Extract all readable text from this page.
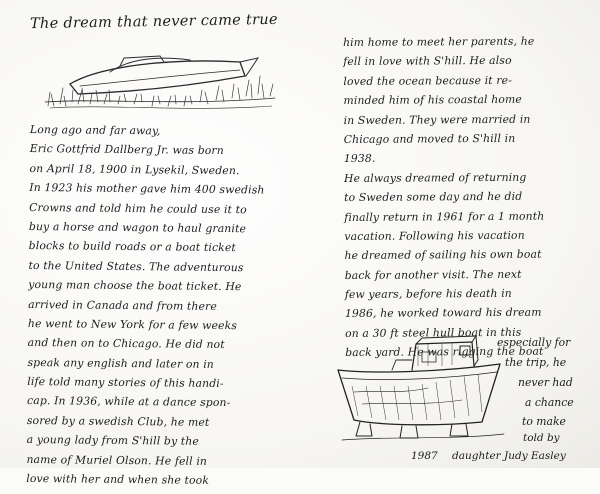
The dream that never came true
Long ago and far away,
Eric Gottfrid Dallberg Jr. was born
on April 18, 1900 in Lysekil, Sweden.
In 1923 his mother gave him 400 swedish
Crowns and told him he could use it to
buy a horse and wagon to haul granite
blocks to build roads or a boat ticket
to the United States. The adventurous
young man choose the boat ticket. He
arrived in Canada and from there
he went to New York for a few weeks
and then on to Chicago. He did not
speak any english and later on in
life told many stories of this handi-
cap. In 1936, while at a dance spon-
sored by a swedish Club, he met
a young lady from S'hill by the
name of Muriel Olson. He fell in
love with her and when she took
him home to meet her parents, he
fell in love with S'hill. He also
loved the ocean because it re-
minded him of his coastal home
in Sweden. They were married in
Chicago and moved to S'hill in
1938.
He always dreamed of returning
to Sweden some day and he did
finally return in 1961 for a 1 month
vacation. Following his vacation
he dreamed of sailing his own boat
back for another visit. The next
few years, before his death in
1986, he worked toward his dream
on a 30 ft steel hull boat in this
back yard. He was rigging the boat
especially for
the trip, he
never had
a chance
to make
told by
1987 daughter Judy Easley
